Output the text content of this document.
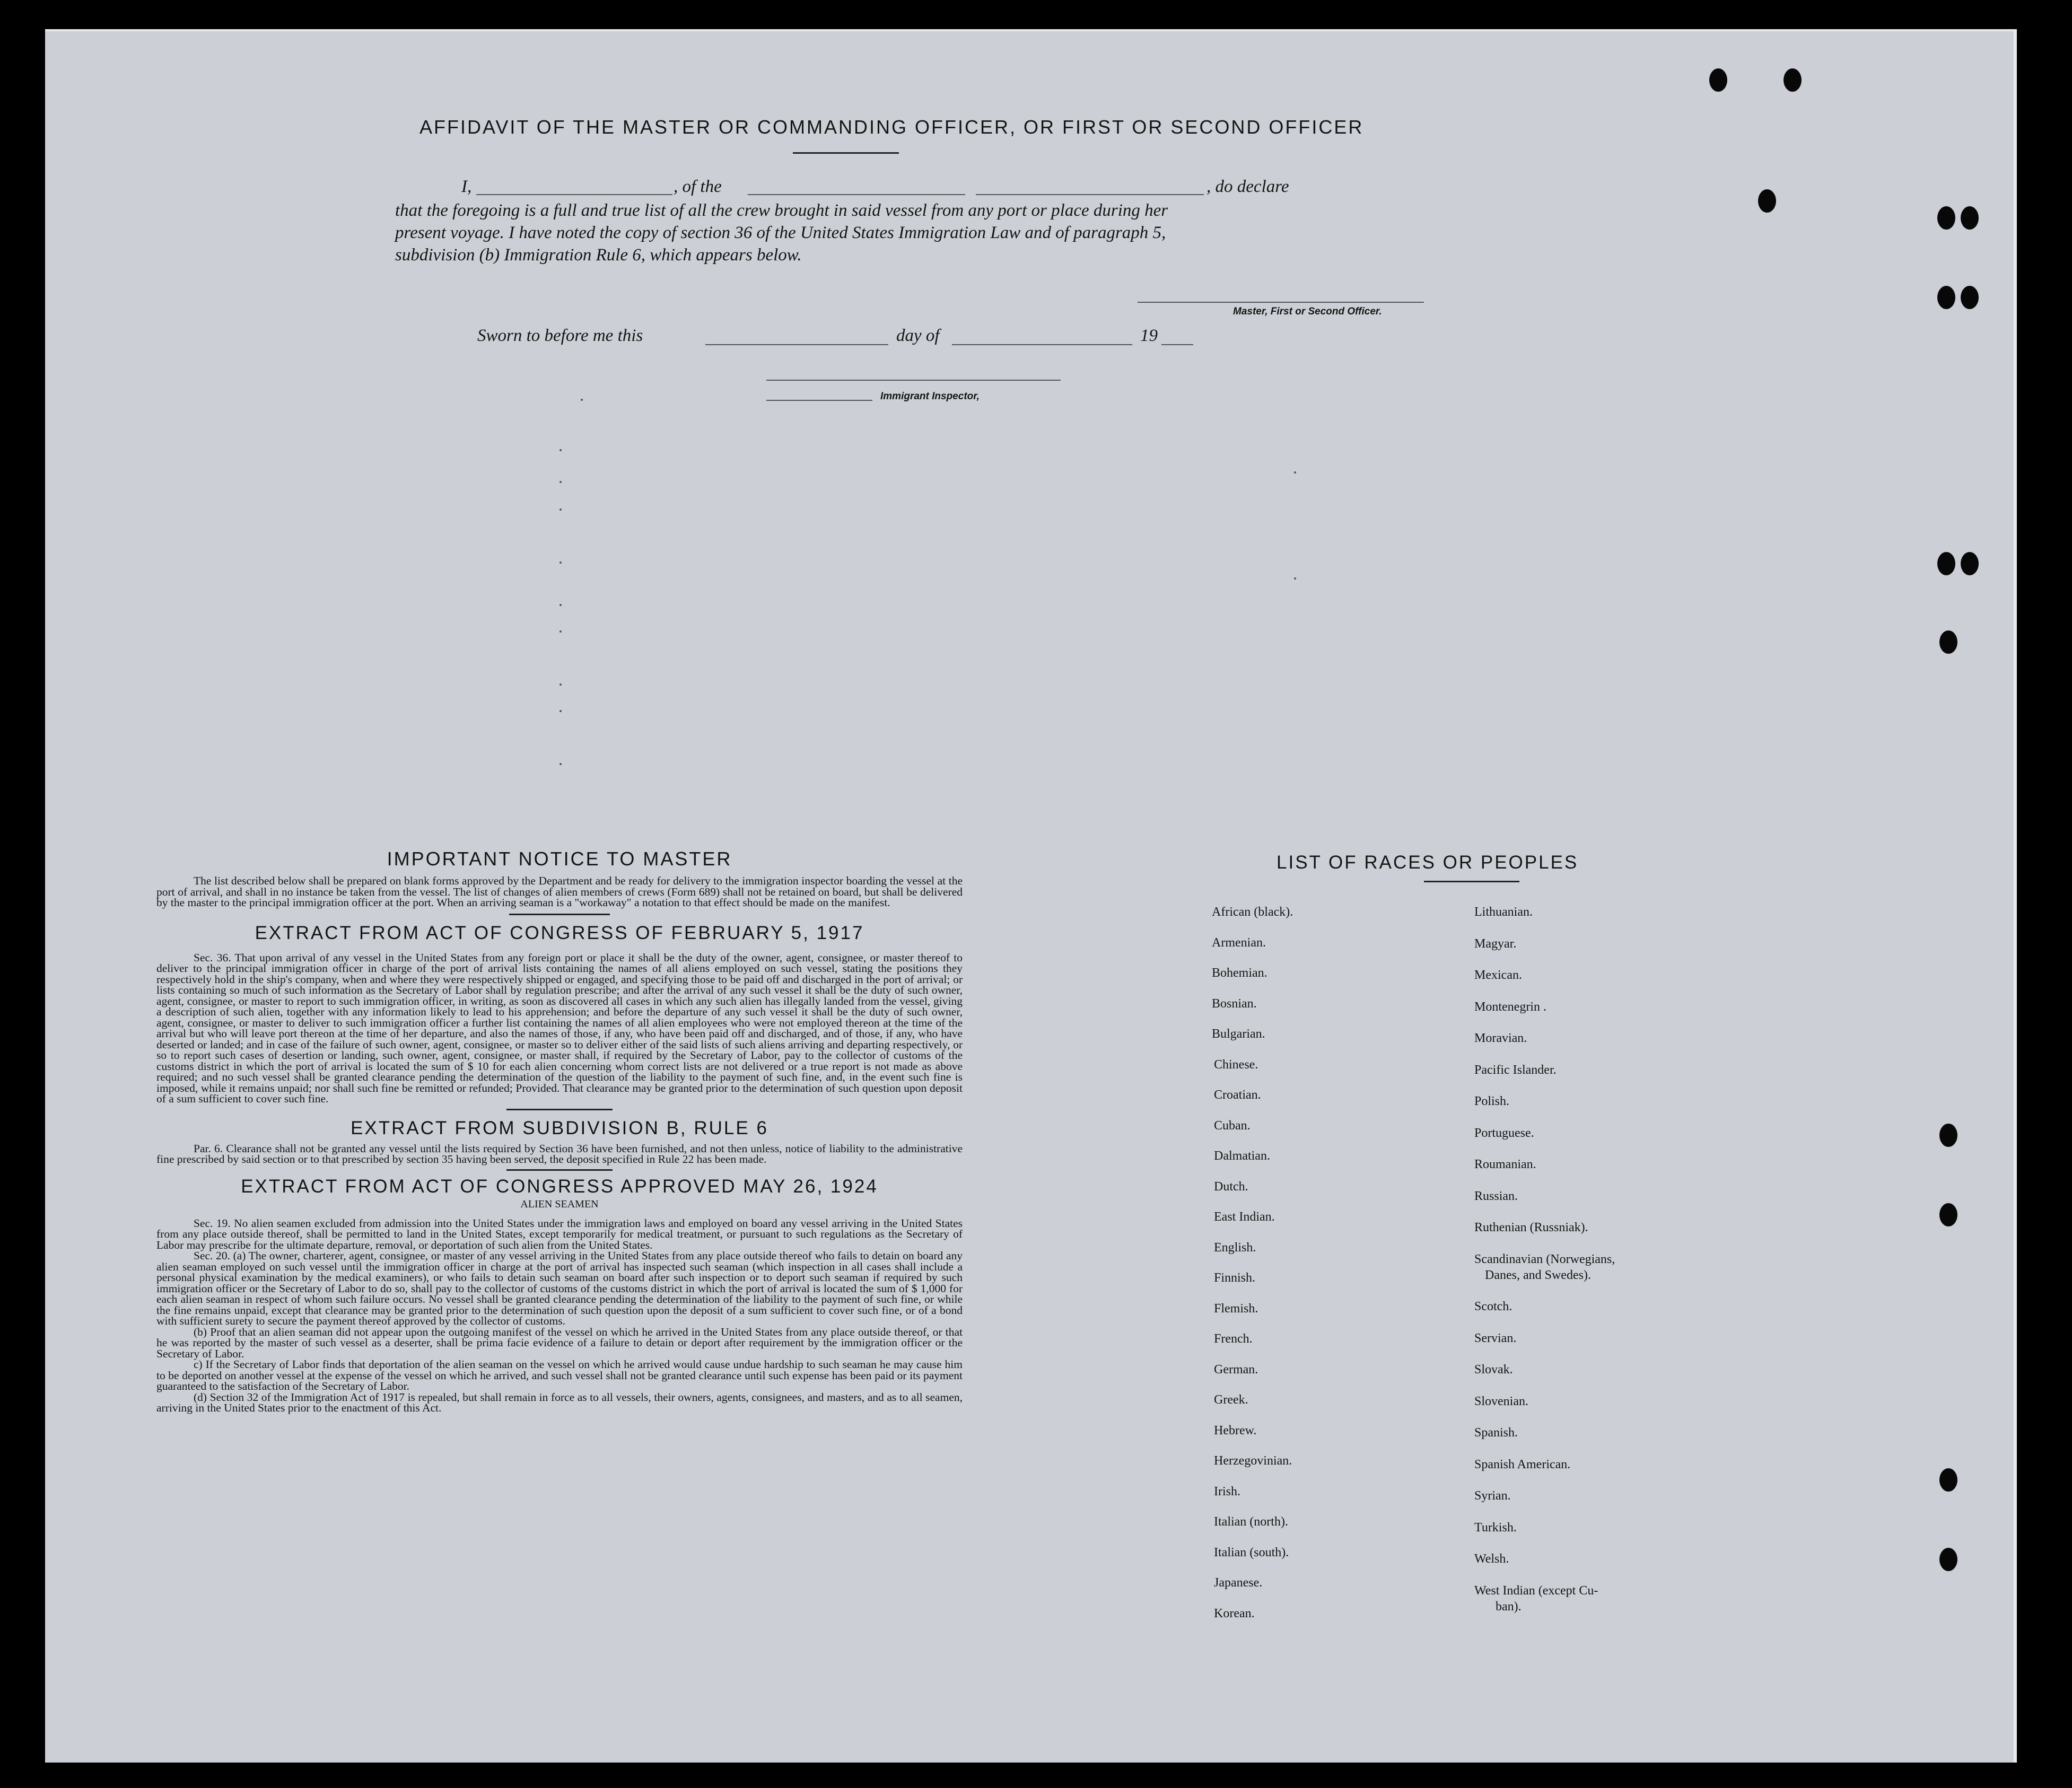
AFFIDAVIT OF THE MASTER OR COMMANDING OFFICER, OR FIRST OR SECOND OFFICER
I,	, of the	, do declare
that the foregoing is a full and true list of all the crew brought in said vessel from any port or place during her
present voyage. I have noted the copy of section 36 of the United States Immigration Law and of paragraph 5,
subdivision (b) Immigration Rule 6, which appears below.
Master, First or Second Officer.
Sworn to before me this	day of	19
Immigrant Inspector,
IMPORTANT NOTICE TO MASTER
The list described below shall be prepared on blank forms approved by the Department and be ready for delivery to the immigration inspector boarding the vessel at the port of arrival, and shall in no instance be taken from the vessel. The list of changes of alien members of crews (Form 689) shall not be retained on board, but shall be delivered by the master to the principal immigration officer at the port. When an arriving seaman is a "workaway" a notation to that effect should be made on the manifest.
EXTRACT FROM ACT OF CONGRESS OF FEBRUARY 5, 1917
Sec. 36. That upon arrival of any vessel in the United States from any foreign port or place it shall be the duty of the owner, agent, consignee, or master thereof to deliver to the principal immigration officer in charge of the port of arrival lists containing the names of all aliens employed on such vessel, stating the positions they respectively hold in the ship's company, when and where they were respectively shipped or engaged, and specifying those to be paid off and discharged in the port of arrival; or lists containing so much of such information as the Secretary of Labor shall by regulation prescribe; and after the arrival of any such vessel it shall be the duty of such owner, agent, consignee, or master to report to such immigration officer, in writing, as soon as discovered all cases in which any such alien has illegally landed from the vessel, giving a description of such alien, together with any information likely to lead to his apprehension; and before the departure of any such vessel it shall be the duty of such owner, agent, consignee, or master to deliver to such immigration officer a further list containing the names of all alien employees who were not employed thereon at the time of the arrival but who will leave port thereon at the time of her departure, and also the names of those, if any, who have been paid off and discharged, and of those, if any, who have deserted or landed; and in case of the failure of such owner, agent, consignee, or master so to deliver either of the said lists of such aliens arriving and departing respectively, or so to report such cases of desertion or landing, such owner, agent, consignee, or master shall, if required by the Secretary of Labor, pay to the collector of customs of the customs district in which the port of arrival is located the sum of $ 10 for each alien concerning whom correct lists are not delivered or a true report is not made as above required; and no such vessel shall be granted clearance pending the determination of the question of the liability to the payment of such fine, and, in the event such fine is imposed, while it remains unpaid; nor shall such fine be remitted or refunded; Provided. That clearance may be granted prior to the determination of such question upon deposit of a sum sufficient to cover such fine.
EXTRACT FROM SUBDIVISION B, RULE 6
Par. 6. Clearance shall not be granted any vessel until the lists required by Section 36 have been furnished, and not then unless, notice of liability to the administrative fine prescribed by said section or to that prescribed by section 35 having been served, the deposit specified in Rule 22 has been made.
EXTRACT FROM ACT OF CONGRESS APPROVED MAY 26, 1924
ALIEN SEAMEN
Sec. 19. No alien seamen excluded from admission into the United States under the immigration laws and employed on board any vessel arriving in the United States from any place outside thereof, shall be permitted to land in the United States, except temporarily for medical treatment, or pursuant to such regulations as the Secretary of Labor may prescribe for the ultimate departure, removal, or deportation of such alien from the United States.
Sec. 20. (a) The owner, charterer, agent, consignee, or master of any vessel arriving in the United States from any place outside thereof who fails to detain on board any alien seaman employed on such vessel until the immigration officer in charge at the port of arrival has inspected such seaman (which inspection in all cases shall include a personal physical examination by the medical examiners), or who fails to detain such seaman on board after such inspection or to deport such seaman if required by such immigration officer or the Secretary of Labor to do so, shall pay to the collector of customs of the customs district in which the port of arrival is located the sum of $ 1,000 for each alien seaman in respect of whom such failure occurs. No vessel shall be granted clearance pending the determination of the liability to the payment of such fine, or while the fine remains unpaid, except that clearance may be granted prior to the determination of such question upon the deposit of a sum sufficient to cover such fine, or of a bond with sufficient surety to secure the payment thereof approved by the collector of customs.
(b) Proof that an alien seaman did not appear upon the outgoing manifest of the vessel on which he arrived in the United States from any place outside thereof, or that he was reported by the master of such vessel as a deserter, shall be prima facie evidence of a failure to detain or deport after requirement by the immigration officer or the Secretary of Labor.
c) If the Secretary of Labor finds that deportation of the alien seaman on the vessel on which he arrived would cause undue hardship to such seaman he may cause him to be deported on another vessel at the expense of the vessel on which he arrived, and such vessel shall not be granted clearance until such expense has been paid or its payment guaranteed to the satisfaction of the Secretary of Labor.
(d) Section 32 of the Immigration Act of 1917 is repealed, but shall remain in force as to all vessels, their owners, agents, consignees, and masters, and as to all seamen, arriving in the United States prior to the enactment of this Act.
LIST OF RACES OR PEOPLES
African (black).
Armenian.
Bohemian.
Bosnian.
Bulgarian.
Chinese.
Croatian.
Cuban.
Dalmatian.
Dutch.
East Indian.
English.
Finnish.
Flemish.
French.
German.
Greek.
Hebrew.
Herzegovinian.
Irish.
Italian (north).
Italian (south).
Japanese.
Korean.
Lithuanian.
Magyar.
Mexican.
Montenegrin .
Moravian.
Pacific Islander.
Polish.
Portuguese.
Roumanian.
Russian.
Ruthenian (Russniak).
Scandinavian (Norwegians,
Danes, and Swedes).
Scotch.
Servian.
Slovak.
Slovenian.
Spanish.
Spanish American.
Syrian.
Turkish.
Welsh.
West Indian (except Cu-
ban).
